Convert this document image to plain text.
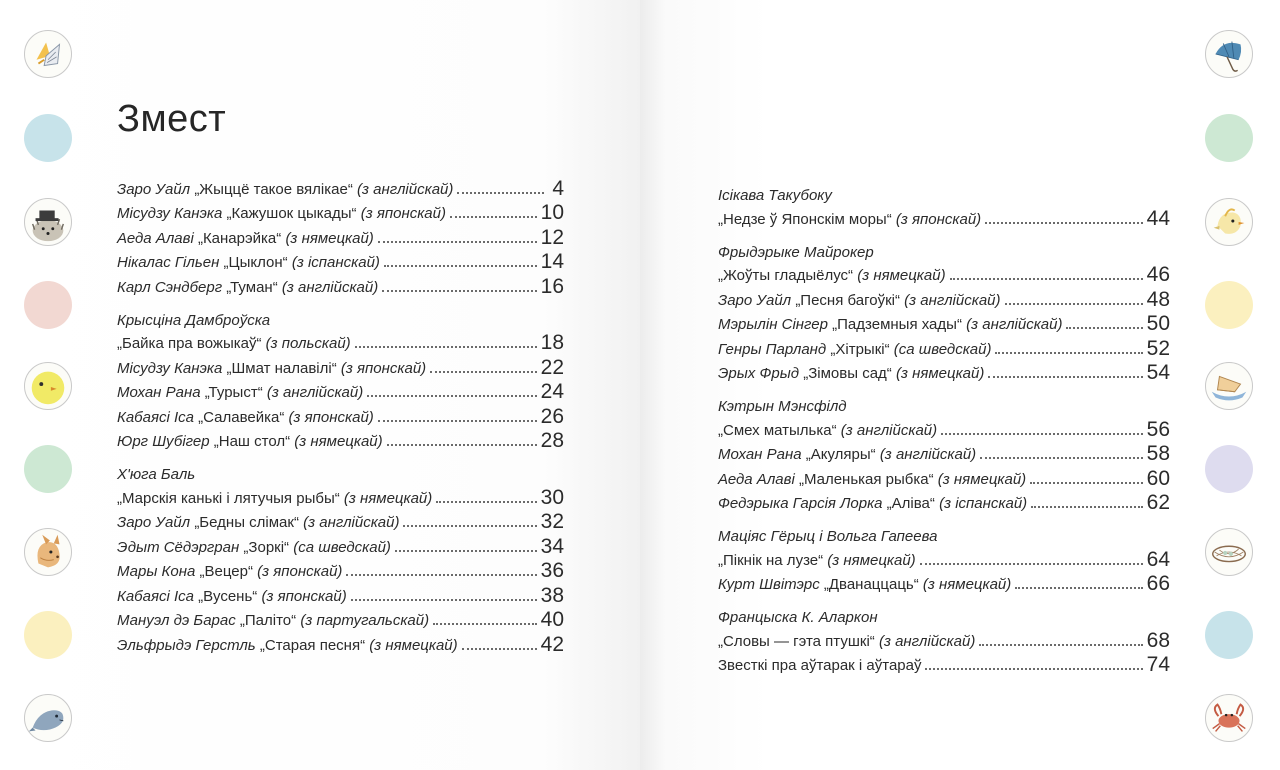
Змест
Заро Уайл „Жыццё такое вялікае“ (з англійскай)	4
Місудзу Канэка „Кажушок цыкады“ (з японскай)	10
Аеда Алаві „Канарэйка“ (з нямецкай)	12
Нікалас Гільен „Цыклон“ (з іспанскай)	14
Карл Сэндберг „Туман“ (з англійскай)	16
Крысціна Дамброўска
„Байка пра вожыкаў“ (з польскай)	18
Місудзу Канэка „Шмат налавілі“ (з японскай)	22
Мохан Рана „Турыст“ (з англійскай)	24
Кабаясі Іса „Салавейка“ (з японскай)	26
Юрг Шубігер „Наш стол“ (з нямецкай)	28
Х'юга Баль
„Марскія канькі і лятучыя рыбы“ (з нямецкай)	30
Заро Уайл „Бедны слімак“ (з англійскай)	32
Эдыт Сёдэргран „Зоркі“ (са шведскай)	34
Мары Кона „Вецер“ (з японскай)	36
Кабаясі Іса „Вусень“ (з японскай)	38
Мануэл дэ Барас „Паліто“ (з партугальскай)	40
Эльфрыдэ Герстль „Старая песня“ (з нямецкай)	42
Ісікава Такубоку
„Недзе ў Японскім моры“ (з японскай)	44
Фрыдэрыке Майрокер
„Жоўты гладыёлус“ (з нямецкай)	46
Заро Уайл „Песня багоўкі“ (з англійскай)	48
Мэрылін Сінгер „Падземныя хады“ (з англійскай)	50
Генры Парланд „Хітрыкі“ (са шведскай)	52
Эрых Фрыд „Зімовы сад“ (з нямецкай)	54
Кэтрын Мэнсфілд
„Смех матылька“ (з англійскай)	56
Мохан Рана „Акуляры“ (з англійскай)	58
Аеда Алаві „Маленькая рыбка“ (з нямецкай)	60
Федэрыка Гарсія Лорка „Аліва“ (з іспанскай)	62
Маціяс Гёрыц і Вольга Гапеева
„Пікнік на лузе“ (з нямецкай)	64
Курт Швітэрс „Дванаццаць“ (з нямецкай)	66
Францыска К. Аларкон
„Словы — гэта птушкі“ (з англійскай)	68
Звесткі пра аўтарак і аўтараў	74
